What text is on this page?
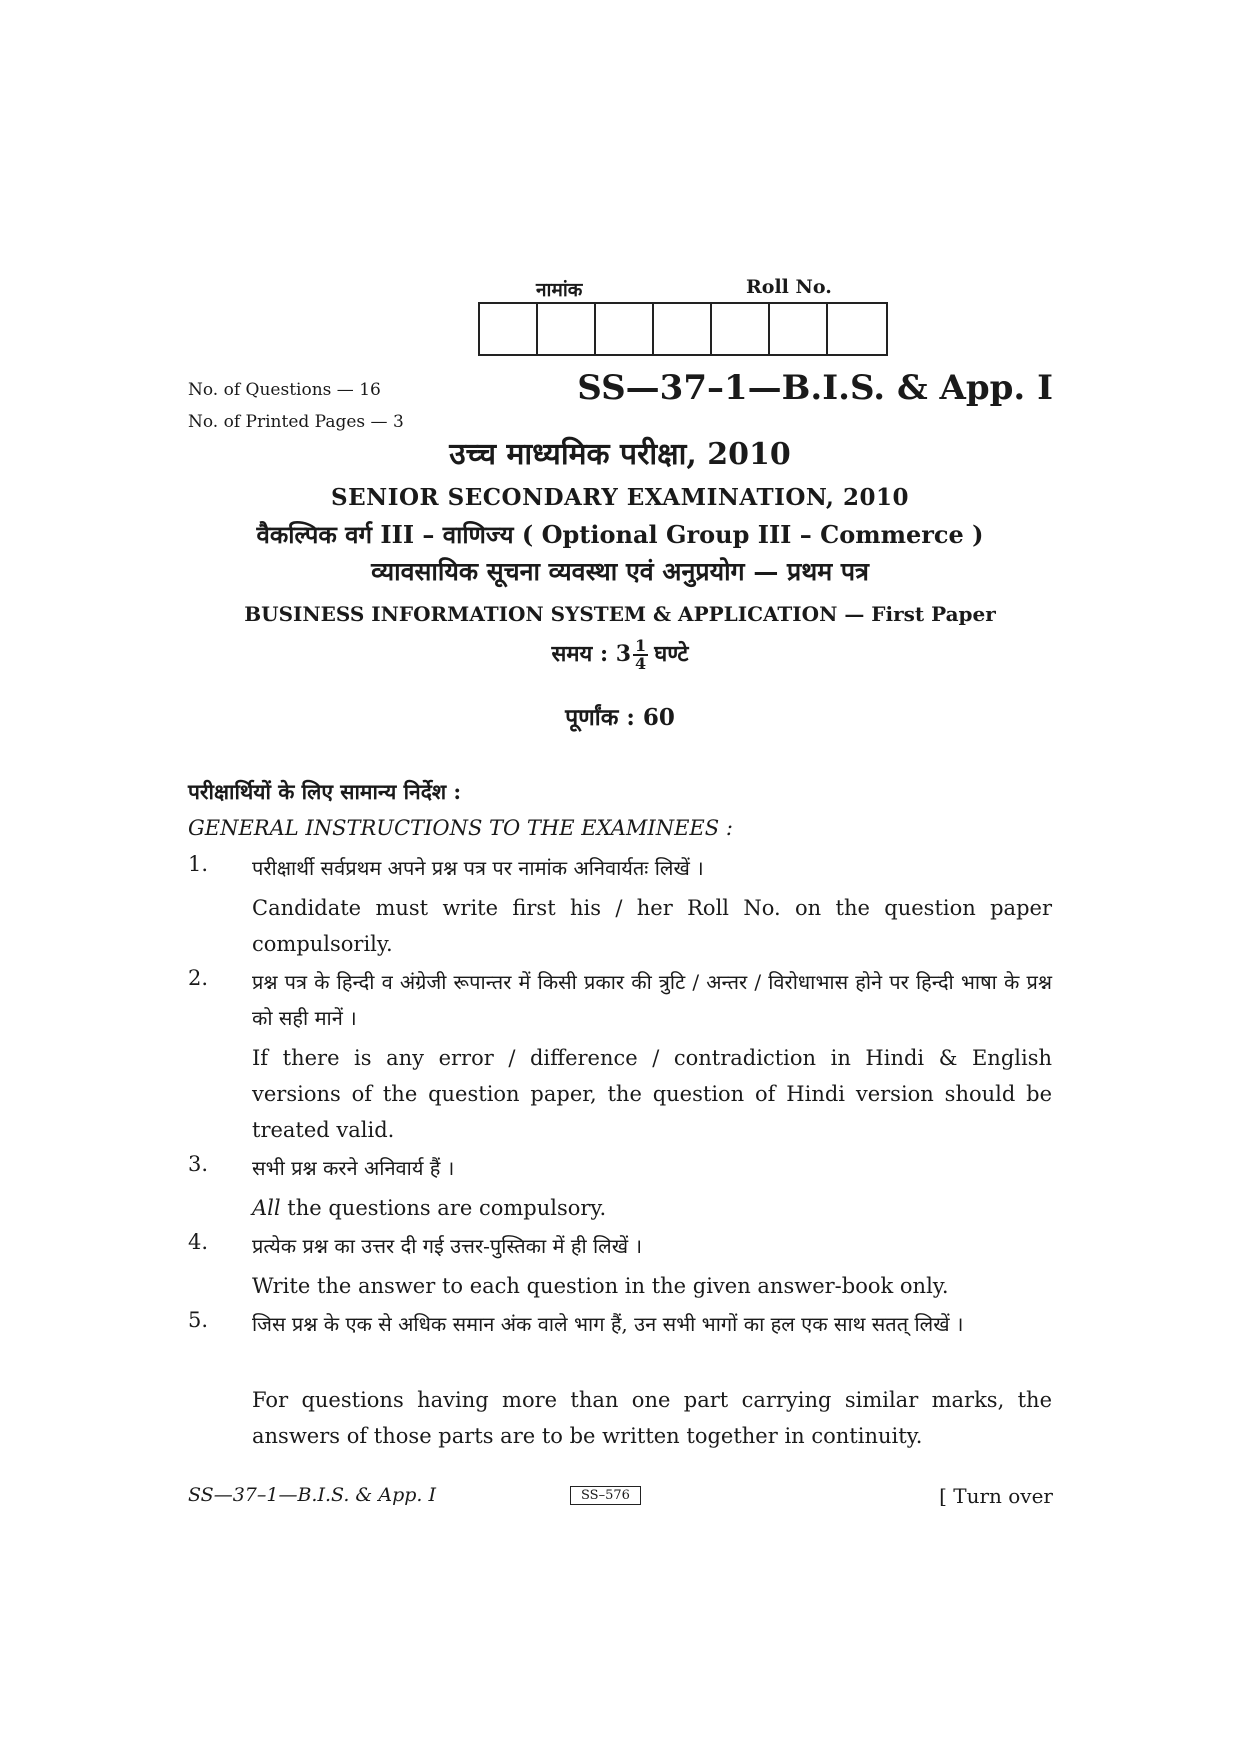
नामांक	Roll No.
No. of Questions — 16
No. of Printed Pages — 3
SS—37–1—B.I.S. & App. I
उच्च माध्यमिक परीक्षा, 2010
SENIOR SECONDARY EXAMINATION, 2010
वैकल्पिक वर्ग III – वाणिज्य ( Optional Group III – Commerce )
व्यावसायिक सूचना व्यवस्था एवं अनुप्रयोग — प्रथम पत्र
BUSINESS INFORMATION SYSTEM & APPLICATION — First Paper
समय : $3 \frac{1}{4}$ घण्टे
पूर्णांक : 60
परीक्षार्थियों के लिए सामान्य निर्देश :
GENERAL INSTRUCTIONS TO THE EXAMINEES :
1. परीक्षार्थी सर्वप्रथम अपने प्रश्न पत्र पर नामांक अनिवार्यतः लिखें ।
Candidate must write first his / her Roll No. on the question paper compulsorily.
2. प्रश्न पत्र के हिन्दी व अंग्रेजी रूपान्तर में किसी प्रकार की त्रुटि / अन्तर / विरोधाभास होने पर हिन्दी भाषा के प्रश्न को सही मानें ।
If there is any error / difference / contradiction in Hindi & English versions of the question paper, the question of Hindi version should be treated valid.
3. सभी प्रश्न करने अनिवार्य हैं ।
All the questions are compulsory.
4. प्रत्येक प्रश्न का उत्तर दी गई उत्तर-पुस्तिका में ही लिखें ।
Write the answer to each question in the given answer-book only.
5. जिस प्रश्न के एक से अधिक समान अंक वाले भाग हैं, उन सभी भागों का हल एक साथ सतत् लिखें ।
For questions having more than one part carrying similar marks, the answers of those parts are to be written together in continuity.
SS—37–1—B.I.S. & App. I	SS–576	[ Turn over
